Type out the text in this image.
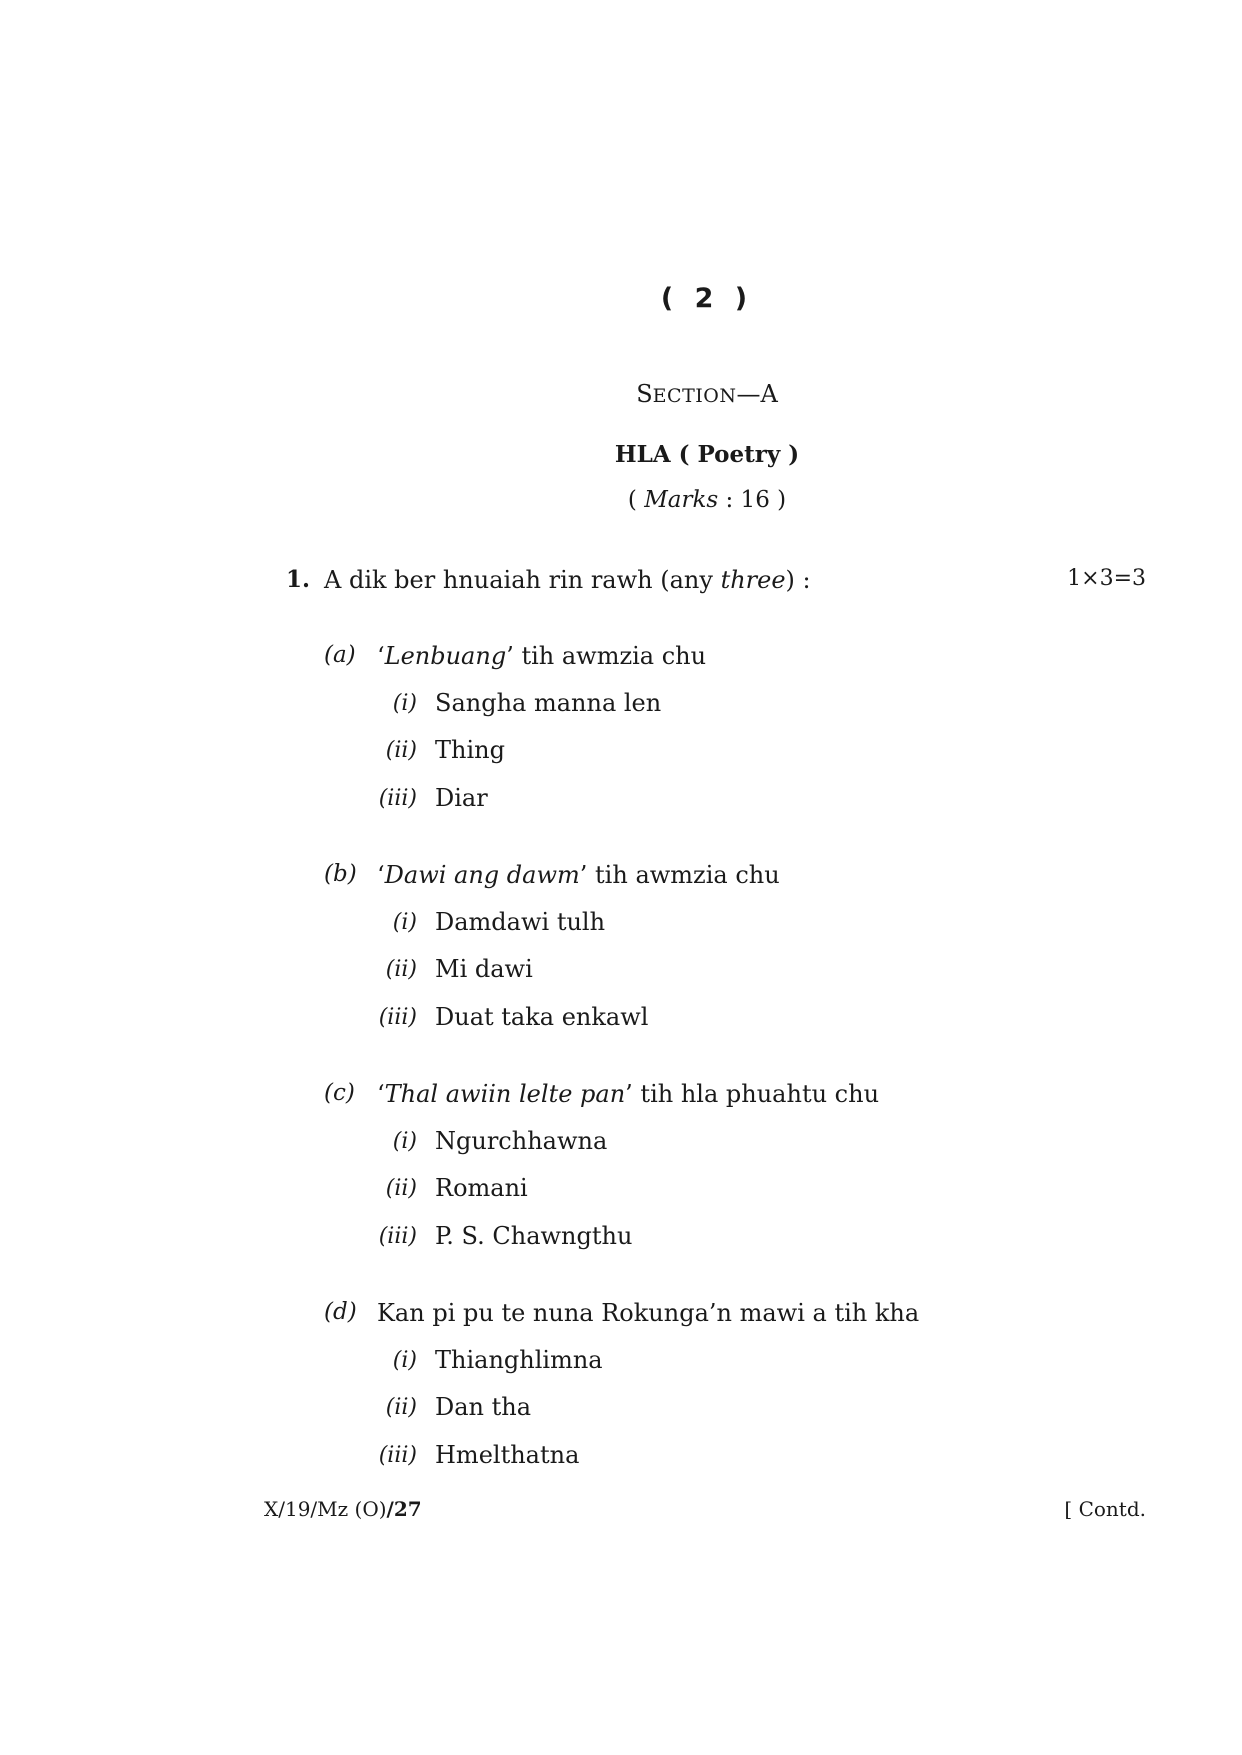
( 2 )
SECTION—A
HLA ( Poetry )
( Marks : 16 )
1. A dik ber hnuaiah rin rawh (any three) :	1×3=3
(a) ‘Lenbuang’ tih awmzia chu
(i) Sangha manna len
(ii) Thing
(iii) Diar
(b) ‘Dawi ang dawm’ tih awmzia chu
(i) Damdawi tulh
(ii) Mi dawi
(iii) Duat taka enkawl
(c) ‘Thal awiin lelte pan’ tih hla phuahtu chu
(i) Ngurchhawna
(ii) Romani
(iii) P. S. Chawngthu
(d) Kan pi pu te nuna Rokunga’n mawi a tih kha
(i) Thianghlimna
(ii) Dan tha
(iii) Hmelthatna
X/19/Mz (O)/27	[ Contd.
